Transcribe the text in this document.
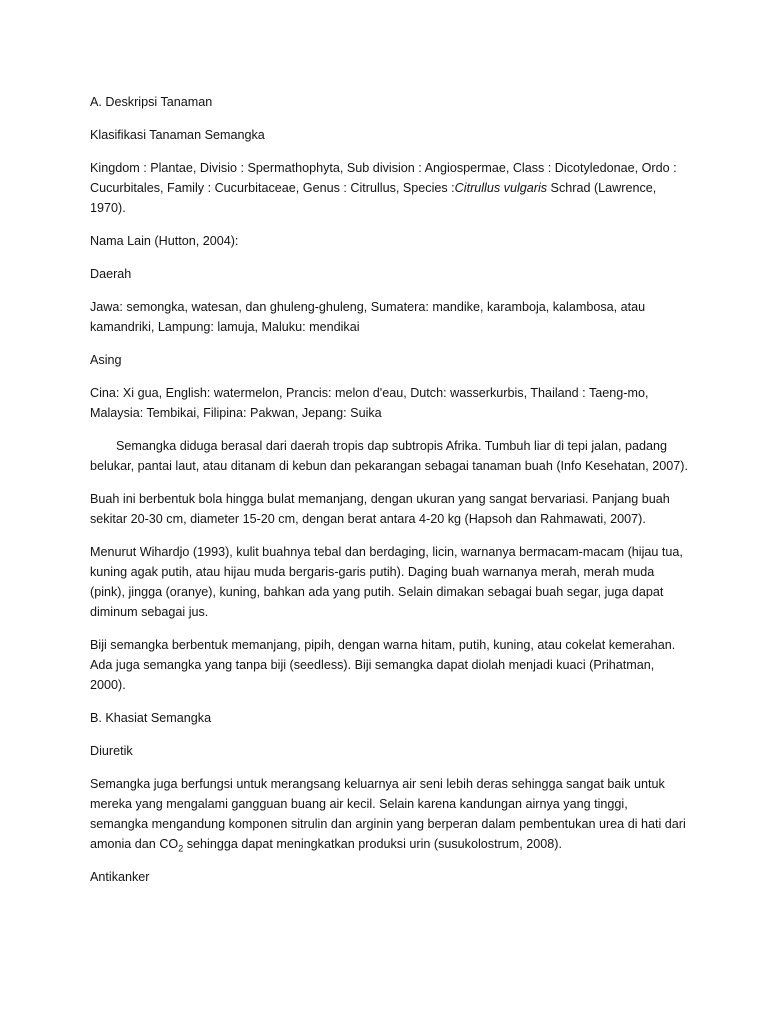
A. Deskripsi Tanaman

Klasifikasi Tanaman Semangka

Kingdom : Plantae, Divisio : Spermathophyta, Sub division : Angiospermae, Class : Dicotyledonae, Ordo : Cucurbitales, Family : Cucurbitaceae, Genus : Citrullus, Species :Citrullus vulgaris Schrad (Lawrence, 1970).

Nama Lain (Hutton, 2004):

Daerah

Jawa: semongka, watesan, dan ghuleng-ghuleng, Sumatera: mandike, karamboja, kalambosa, atau kamandriki, Lampung: lamuja, Maluku: mendikai

Asing

Cina: Xi gua, English: watermelon, Prancis: melon d'eau, Dutch: wasserkurbis, Thailand : Taeng-mo, Malaysia: Tembikai, Filipina: Pakwan, Jepang: Suika

Semangka diduga berasal dari daerah tropis dap subtropis Afrika. Tumbuh liar di tepi jalan, padang belukar, pantai laut, atau ditanam di kebun dan pekarangan sebagai tanaman buah (Info Kesehatan, 2007).

Buah ini berbentuk bola hingga bulat memanjang, dengan ukuran yang sangat bervariasi. Panjang buah sekitar 20-30 cm, diameter 15-20 cm, dengan berat antara 4-20 kg (Hapsoh dan Rahmawati, 2007).

Menurut Wihardjo (1993), kulit buahnya tebal dan berdaging, licin, warnanya bermacam-macam (hijau tua, kuning agak putih, atau hijau muda bergaris-garis putih). Daging buah warnanya merah, merah muda (pink), jingga (oranye), kuning, bahkan ada yang putih. Selain dimakan sebagai buah segar, juga dapat diminum sebagai jus.

Biji semangka berbentuk memanjang, pipih, dengan warna hitam, putih, kuning, atau cokelat kemerahan. Ada juga semangka yang tanpa biji (seedless). Biji semangka dapat diolah menjadi kuaci (Prihatman, 2000).

B. Khasiat Semangka

Diuretik

Semangka juga berfungsi untuk merangsang keluarnya air seni lebih deras sehingga sangat baik untuk mereka yang mengalami gangguan buang air kecil. Selain karena kandungan airnya yang tinggi, semangka mengandung komponen sitrulin dan arginin yang berperan dalam pembentukan urea di hati dari amonia dan $CO_2$ sehingga dapat meningkatkan produksi urin (susukolostrum, 2008).

Antikanker
